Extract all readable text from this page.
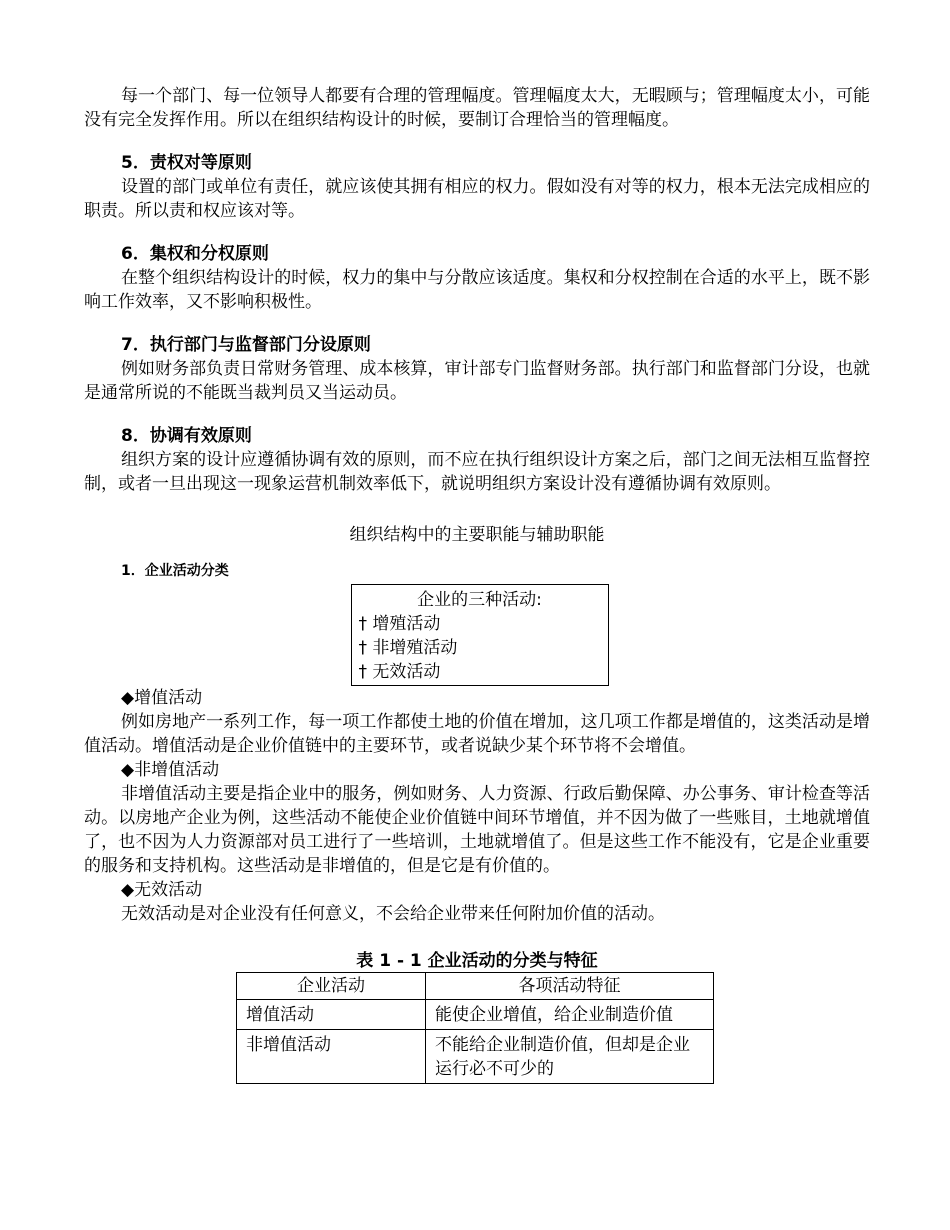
每一个部门、每一位领导人都要有合理的管理幅度。管理幅度太大，无暇顾与；管理幅度太小，可能没有完全发挥作用。所以在组织结构设计的时候，要制订合理恰当的管理幅度。

5．责权对等原则

设置的部门或单位有责任，就应该使其拥有相应的权力。假如没有对等的权力，根本无法完成相应的职责。所以责和权应该对等。

6．集权和分权原则

在整个组织结构设计的时候，权力的集中与分散应该适度。集权和分权控制在合适的水平上，既不影响工作效率，又不影响积极性。

7．执行部门与监督部门分设原则

例如财务部负责日常财务管理、成本核算，审计部专门监督财务部。执行部门和监督部门分设，也就是通常所说的不能既当裁判员又当运动员。

8．协调有效原则

组织方案的设计应遵循协调有效的原则，而不应在执行组织设计方案之后，部门之间无法相互监督控制，或者一旦出现这一现象运营机制效率低下，就说明组织方案设计没有遵循协调有效原则。

组织结构中的主要职能与辅助职能

1．企业活动分类

企业的三种活动:
† 增殖活动
† 非增殖活动
† 无效活动

◆增值活动

例如房地产一系列工作，每一项工作都使土地的价值在增加，这几项工作都是增值的，这类活动是增值活动。增值活动是企业价值链中的主要环节，或者说缺少某个环节将不会增值。

◆非增值活动

非增值活动主要是指企业中的服务，例如财务、人力资源、行政后勤保障、办公事务、审计检查等活动。以房地产企业为例，这些活动不能使企业价值链中间环节增值，并不因为做了一些账目，土地就增值了，也不因为人力资源部对员工进行了一些培训，土地就增值了。但是这些工作不能没有，它是企业重要的服务和支持机构。这些活动是非增值的，但是它是有价值的。

◆无效活动

无效活动是对企业没有任何意义，不会给企业带来任何附加价值的活动。

表 1 - 1 企业活动的分类与特征

企业活动	各项活动特征
增值活动	能使企业增值，给企业制造价值
非增值活动	不能给企业制造价值，但却是企业运行必不可少的
